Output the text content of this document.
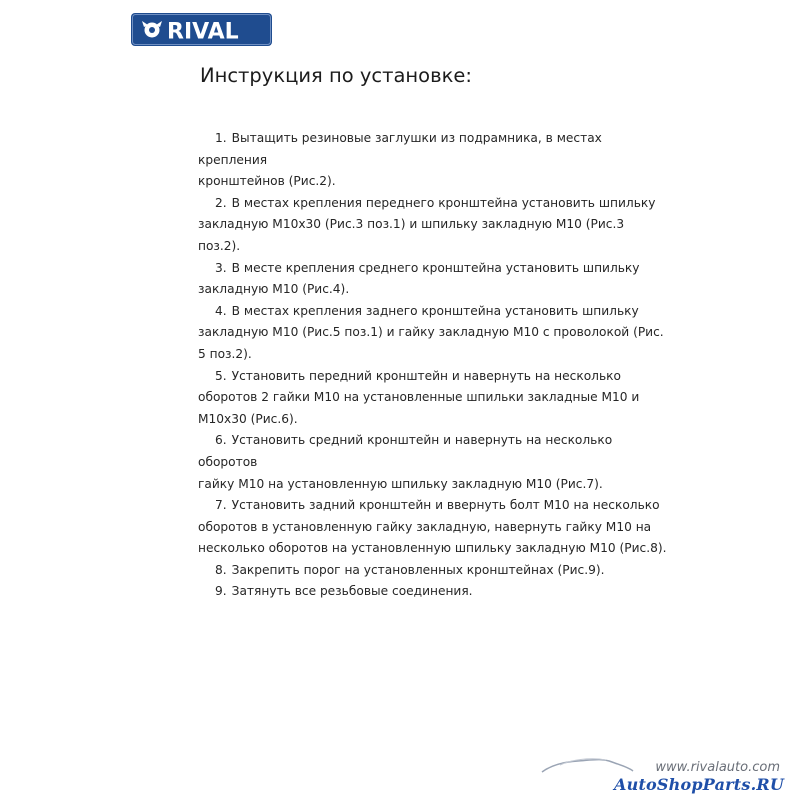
RIVAL
Инструкция по установке:

1. Вытащить резиновые заглушки из подрамника, в местах крепления

кронштейнов (Рис.2).

2. В местах крепления переднего кронштейна установить шпильку

закладную M10x30 (Рис.3 поз.1) и шпильку закладную M10 (Рис.3 поз.2).

3. В месте крепления среднего кронштейна установить шпильку

закладную M10 (Рис.4).

4. В местах крепления заднего кронштейна установить шпильку

закладную M10 (Рис.5 поз.1) и гайку закладную M10 с проволокой (Рис.

5 поз.2).

5. Установить передний кронштейн и навернуть на несколько

оборотов 2 гайки M10 на установленные шпильки закладные M10 и

M10x30 (Рис.6).

6. Установить средний кронштейн и навернуть на несколько оборотов

гайку M10 на установленную шпильку закладную M10 (Рис.7).

7. Установить задний кронштейн и ввернуть болт M10 на несколько

оборотов в установленную гайку закладную, навернуть гайку M10 на

несколько оборотов на установленную шпильку закладную M10 (Рис.8).

8. Закрепить порог на установленных кронштейнах (Рис.9).

9. Затянуть все резьбовые соединения.

www.rivalauto.com
AutoShopParts.RU
